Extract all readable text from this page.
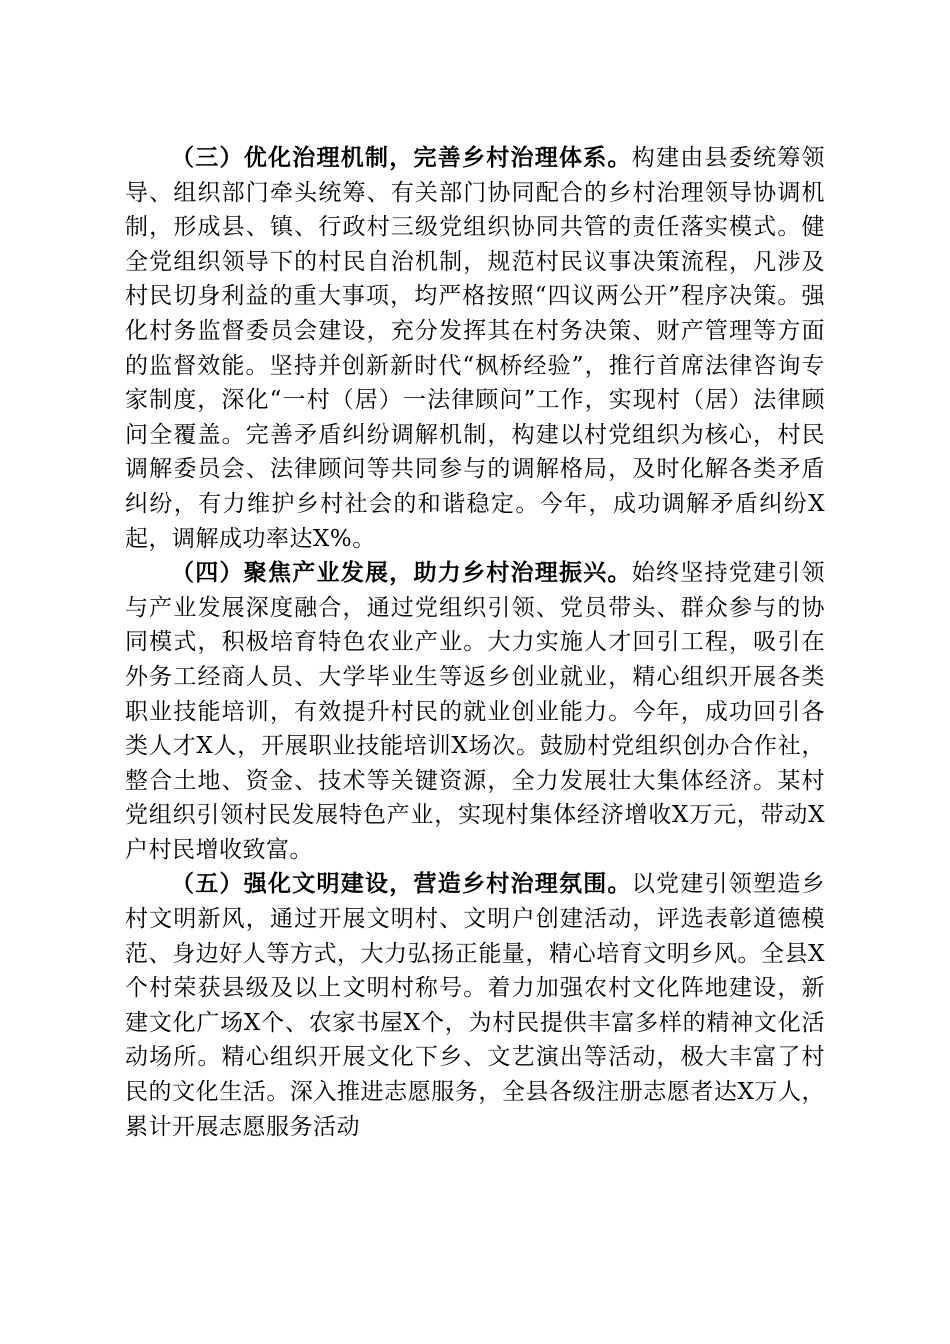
（三）优化治理机制，完善乡村治理体系。构建由县委统筹领导、组织部门牵头统筹、有关部门协同配合的乡村治理领导协调机制，形成县、镇、行政村三级党组织协同共管的责任落实模式。健全党组织领导下的村民自治机制，规范村民议事决策流程，凡涉及村民切身利益的重大事项，均严格按照“四议两公开”程序决策。强化村务监督委员会建设，充分发挥其在村务决策、财产管理等方面的监督效能。坚持并创新新时代“枫桥经验”，推行首席法律咨询专家制度，深化“一村（居）一法律顾问”工作，实现村（居）法律顾问全覆盖。完善矛盾纠纷调解机制，构建以村党组织为核心，村民调解委员会、法律顾问等共同参与的调解格局，及时化解各类矛盾纠纷，有力维护乡村社会的和谐稳定。今年，成功调解矛盾纠纷X起，调解成功率达X%。

（四）聚焦产业发展，助力乡村治理振兴。始终坚持党建引领与产业发展深度融合，通过党组织引领、党员带头、群众参与的协同模式，积极培育特色农业产业。大力实施人才回引工程，吸引在外务工经商人员、大学毕业生等返乡创业就业，精心组织开展各类职业技能培训，有效提升村民的就业创业能力。今年，成功回引各类人才X人，开展职业技能培训X场次。鼓励村党组织创办合作社，整合土地、资金、技术等关键资源，全力发展壮大集体经济。某村党组织引领村民发展特色产业，实现村集体经济增收X万元，带动X户村民增收致富。

（五）强化文明建设，营造乡村治理氛围。以党建引领塑造乡村文明新风，通过开展文明村、文明户创建活动，评选表彰道德模范、身边好人等方式，大力弘扬正能量，精心培育文明乡风。全县X个村荣获县级及以上文明村称号。着力加强农村文化阵地建设，新建文化广场X个、农家书屋X个，为村民提供丰富多样的精神文化活动场所。精心组织开展文化下乡、文艺演出等活动，极大丰富了村民的文化生活。深入推进志愿服务，全县各级注册志愿者达X万人，累计开展志愿服务活动
